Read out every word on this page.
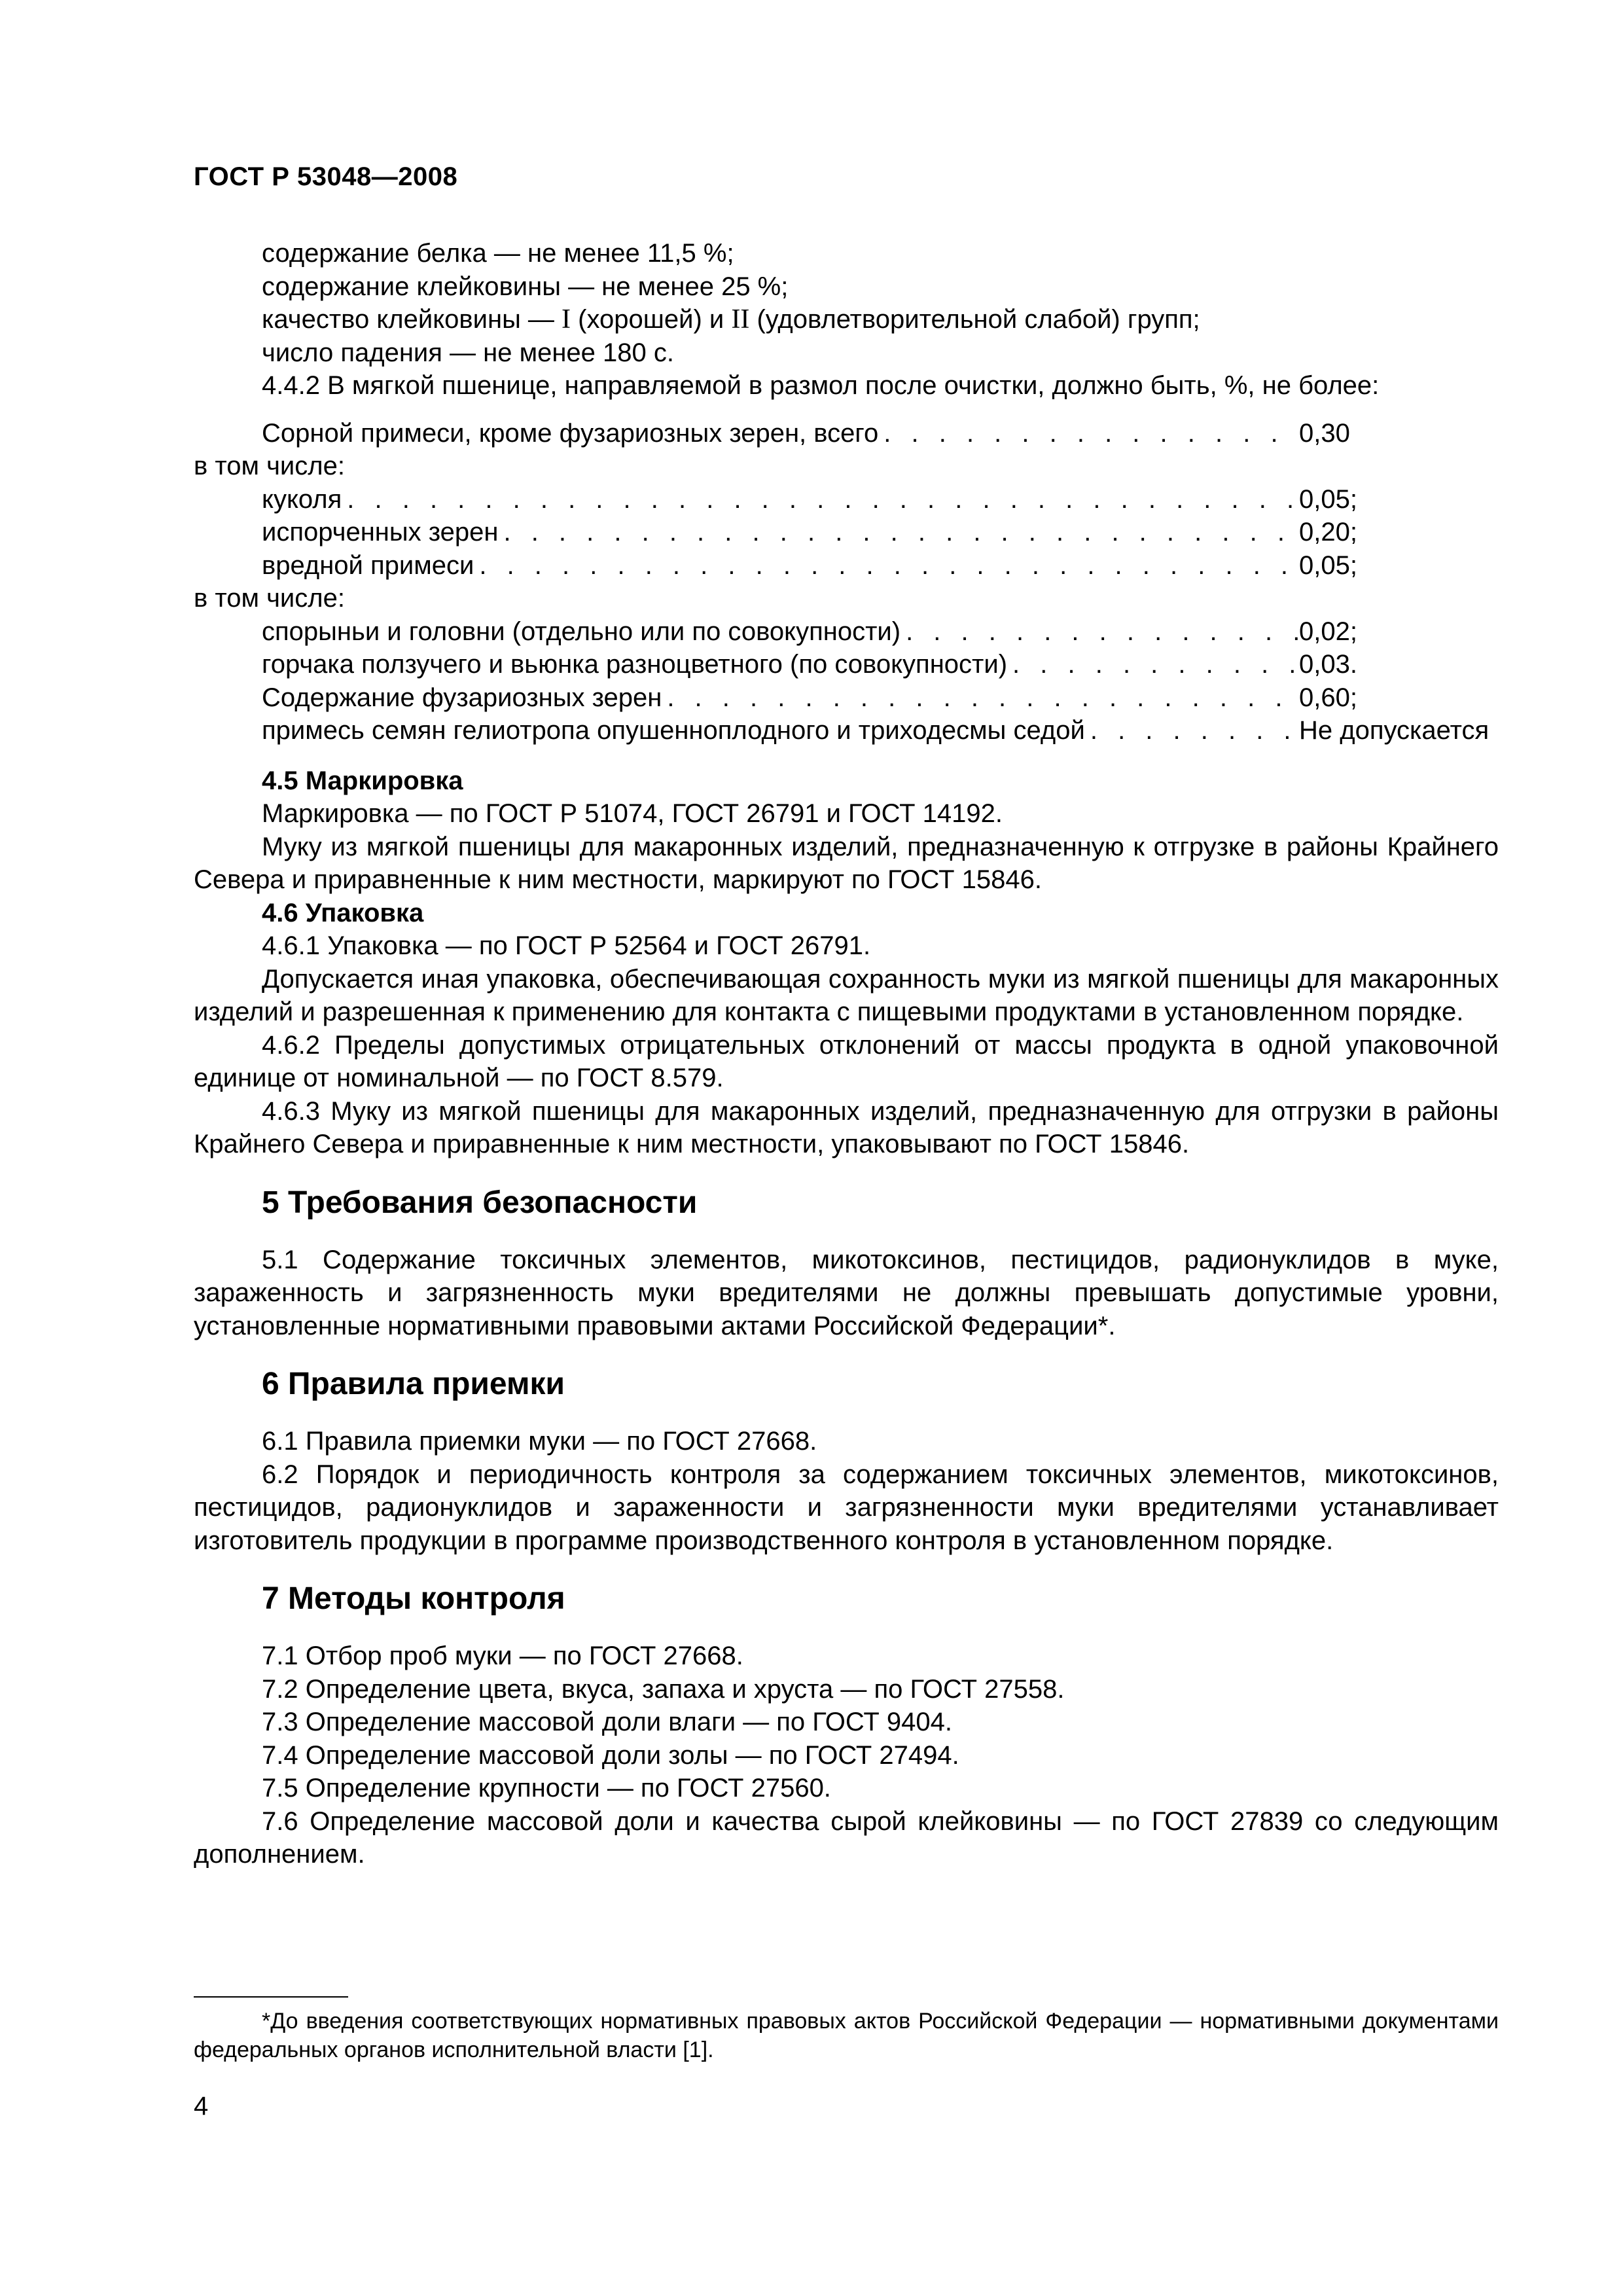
ГОСТ Р 53048—2008

содержание белка — не менее 11,5 %;

содержание клейковины — не менее 25 %;

качество клейковины — I (хорошей) и II (удовлетворительной слабой) групп;

число падения — не менее 180 с.

4.4.2 В мягкой пшенице, направляемой в размол после очистки, должно быть, %, не более:

Сорной примеси, кроме фузариозных зерен, всего . . .	0,30
в том числе:
куколя . . .	0,05;
испорченных зерен . . .	0,20;
вредной примеси . . .	0,05;
в том числе:
спорыньи и головни (отдельно или по совокупности) . . .	0,02;
горчака ползучего и вьюнка разноцветного (по совокупности) . . .	0,03.
Содержание фузариозных зерен . . .	0,60;
примесь семян гелиотропа опушенноплодного и триходесмы седой . . .	Не допускается

4.5 Маркировка

Маркировка — по ГОСТ Р 51074, ГОСТ 26791 и ГОСТ 14192.

Муку из мягкой пшеницы для макаронных изделий, предназначенную к отгрузке в районы Крайнего Севера и приравненные к ним местности, маркируют по ГОСТ 15846.

4.6 Упаковка

4.6.1 Упаковка — по ГОСТ Р 52564 и ГОСТ 26791.

Допускается иная упаковка, обеспечивающая сохранность муки из мягкой пшеницы для макаронных изделий и разрешенная к применению для контакта с пищевыми продуктами в установленном порядке.

4.6.2 Пределы допустимых отрицательных отклонений от массы продукта в одной упаковочной единице от номинальной — по ГОСТ 8.579.

4.6.3 Муку из мягкой пшеницы для макаронных изделий, предназначенную для отгрузки в районы Крайнего Севера и приравненные к ним местности, упаковывают по ГОСТ 15846.

5 Требования безопасности

5.1 Содержание токсичных элементов, микотоксинов, пестицидов, радионуклидов в муке, зараженность и загрязненность муки вредителями не должны превышать допустимые уровни, установленные нормативными правовыми актами Российской Федерации*.

6 Правила приемки

6.1 Правила приемки муки — по ГОСТ 27668.

6.2 Порядок и периодичность контроля за содержанием токсичных элементов, микотоксинов, пестицидов, радионуклидов и зараженности и загрязненности муки вредителями устанавливает изготовитель продукции в программе производственного контроля в установленном порядке.

7 Методы контроля

7.1 Отбор проб муки — по ГОСТ 27668.

7.2 Определение цвета, вкуса, запаха и хруста — по ГОСТ 27558.

7.3 Определение массовой доли влаги — по ГОСТ 9404.

7.4 Определение массовой доли золы — по ГОСТ 27494.

7.5 Определение крупности — по ГОСТ 27560.

7.6 Определение массовой доли и качества сырой клейковины — по ГОСТ 27839 со следующим дополнением.

*До введения соответствующих нормативных правовых актов Российской Федерации — нормативными документами федеральных органов исполнительной власти [1].

4
